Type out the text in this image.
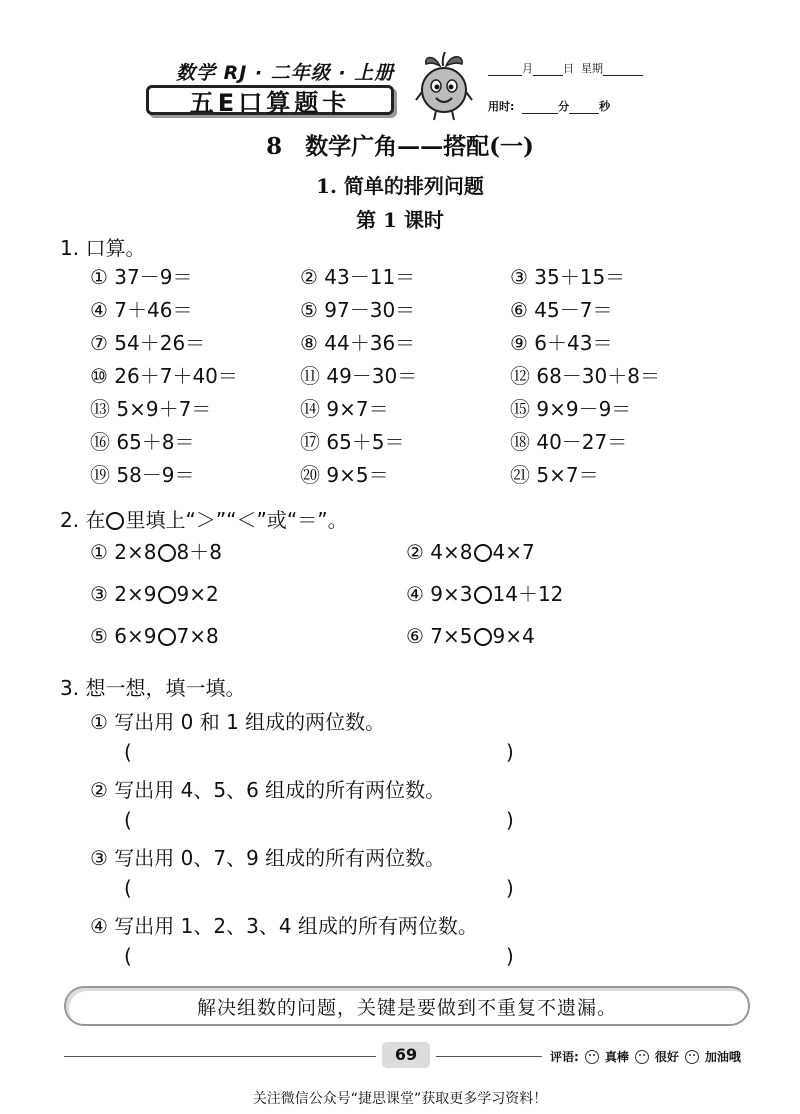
数学 RJ · 二年级 · 上册
五E口算题卡
月	日 星期
用时:	分	秒
8　数学广角——搭配(一)
1. 简单的排列问题
第 1 课时
1. 口算。
① 37－9＝	② 43－11＝	③ 35＋15＝
④ 7＋46＝	⑤ 97－30＝	⑥ 45－7＝
⑦ 54＋26＝	⑧ 44＋36＝	⑨ 6＋43＝
⑩ 26＋7＋40＝	⑪ 49－30＝	⑫ 68－30＋8＝
⑬ 5×9＋7＝	⑭ 9×7＝	⑮ 9×9－9＝
⑯ 65＋8＝	⑰ 65＋5＝	⑱ 40－27＝
⑲ 58－9＝	⑳ 9×5＝	㉑ 5×7＝
2. 在 里填上“＞”“＜”或“＝”。
① 2×8 8＋8	② 4×8 4×7
③ 2×9 9×2	④ 9×3 14＋12
⑤ 6×9 7×8	⑥ 7×5 9×4
3. 想一想，填一填。
① 写出用 0 和 1 组成的两位数。
(	)
② 写出用 4、5、6 组成的所有两位数。
(	)
③ 写出用 0、7、9 组成的所有两位数。
(	)
④ 写出用 1、2、3、4 组成的所有两位数。
(	)
解决组数的问题，关键是要做到不重复不遗漏。
69	评语: 真棒 很好 加油哦
关注微信公众号“捷思课堂”获取更多学习资料！
